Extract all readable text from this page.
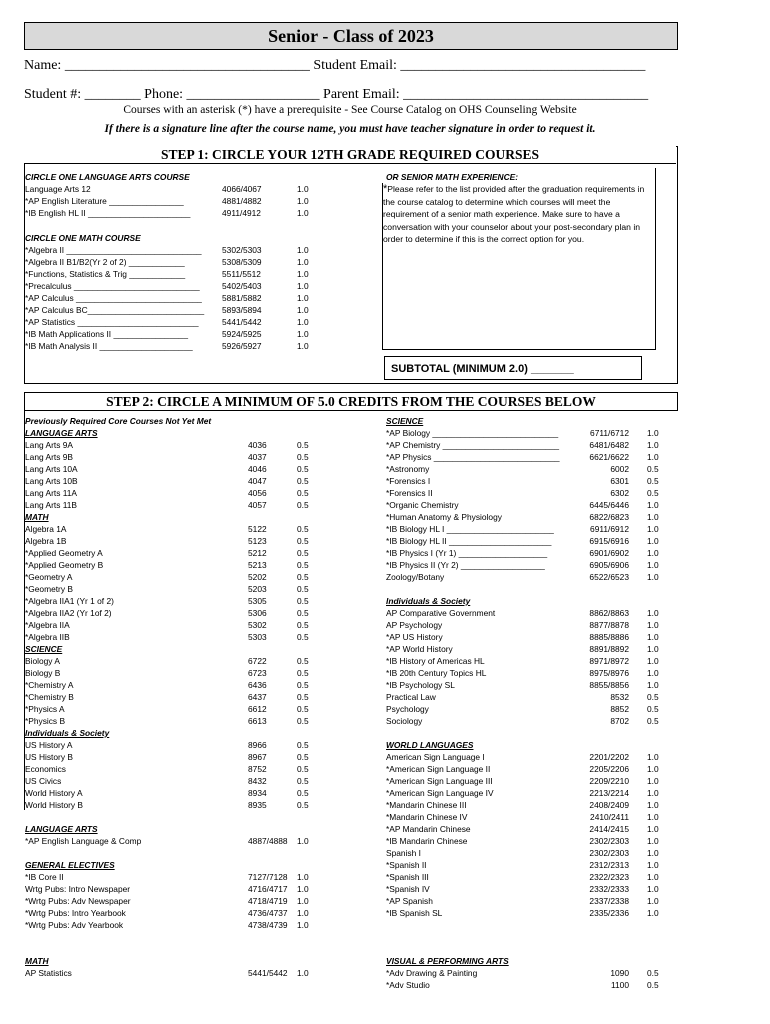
Senior - Class of 2023
Name: ___________________________________ Student Email: ___________________________________
Student #: ________ Phone: ___________________ Parent Email: ___________________________________
Courses with an asterisk (*) have a prerequisite - See Course Catalog on OHS Counseling Website
If there is a signature line after the course name, you must have teacher signature in order to request it.
STEP 1: CIRCLE YOUR 12TH GRADE REQUIRED COURSES
CIRCLE ONE LANGUAGE ARTS COURSE
Language Arts 12	4066/4067	1.0
*AP English Literature ________________	4881/4882	1.0
*IB English HL II ______________________	4911/4912	1.0
CIRCLE ONE MATH COURSE
*Algebra II _____________________________ 5302/5303	1.0
*Algebra II B1/B2(Yr 2 of 2) ____________	5308/5309	1.0
*Functions, Statistics & Trig ____________	5511/5512	1.0
*Precalculus ___________________________	5402/5403	1.0
*AP Calculus ___________________________ 5881/5882	1.0
*AP Calculus BC_________________________ 5893/5894	1.0
*AP Statistics __________________________	5441/5442	1.0
*IB Math Applications II ________________	5924/5925	1.0
*IB Math Analysis II ____________________	5926/5927	1.0
OR SENIOR MATH EXPERIENCE:
*Please refer to the list provided after the graduation requirements in the course catalog to determine which courses will meet the requirement of a senior math experience. Make sure to have a conversation with your counselor about your post-secondary plan in order to determine if this is the correct option for you.
SUBTOTAL (MINIMUM 2.0) _______
STEP 2: CIRCLE A MINIMUM OF 5.0 CREDITS FROM THE COURSES BELOW
Previously Required Core Courses Not Yet Met
LANGUAGE ARTS
Lang Arts 9A	4036	0.5
Lang Arts 9B	4037	0.5
Lang Arts 10A	4046	0.5
Lang Arts 10B	4047	0.5
Lang Arts 11A	4056	0.5
Lang Arts 11B	4057	0.5
MATH
Algebra 1A	5122	0.5
Algebra 1B	5123	0.5
*Applied Geometry A	5212	0.5
*Applied Geometry B	5213	0.5
*Geometry A	5202	0.5
*Geometry B	5203	0.5
*Algebra IIA1 (Yr 1 of 2)	5305	0.5
*Algebra IIA2 (Yr 1of 2)	5306	0.5
*Algebra IIA	5302	0.5
*Algebra IIB	5303	0.5
SCIENCE
Biology A	6722	0.5
Biology B	6723	0.5
*Chemistry A	6436	0.5
*Chemistry B	6437	0.5
*Physics A	6612	0.5
*Physics B	6613	0.5
Individuals & Society
US History A	8966	0.5
US History B	8967	0.5
Economics	8752	0.5
US Civics	8432	0.5
World History A	8934	0.5
World History B	8935	0.5
LANGUAGE ARTS
*AP English Language & Comp	4887/4888 1.0
GENERAL ELECTIVES
*IB Core II	7127/7128 1.0
Wrtg Pubs: Intro Newspaper	4716/4717 1.0
*Wrtg Pubs: Adv Newspaper	4718/4719 1.0
*Wrtg Pubs: Intro Yearbook	4736/4737 1.0
*Wrtg Pubs: Adv Yearbook	4738/4739 1.0
MATH
AP Statistics	5441/5442 1.0
SCIENCE
*AP Biology ___________________________	6711/6712 1.0
*AP Chemistry _________________________	6481/6482 1.0
*AP Physics ___________________________	6621/6622 1.0
*Astronomy	6002 0.5
*Forensics I	6301 0.5
*Forensics II	6302 0.5
*Organic Chemistry	6445/6446 1.0
*Human Anatomy & Physiology	6822/6823 1.0
*IB Biology HL I _______________________	6911/6912 1.0
*IB Biology HL II ______________________	6915/6916 1.0
*IB Physics I (Yr 1) ___________________	6901/6902 1.0
*IB Physics II (Yr 2) __________________	6905/6906 1.0
Zoology/Botany	6522/6523 1.0
Individuals & Society
AP Comparative Government	8862/8863 1.0
AP Psychology	8877/8878 1.0
*AP US History	8885/8886 1.0
*AP World History	8891/8892 1.0
*IB History of Americas HL	8971/8972 1.0
*IB 20th Century Topics HL	8975/8976 1.0
*IB Psychology SL	8855/8856 1.0
Practical Law	8532 0.5
Psychology	8852 0.5
Sociology	8702 0.5
WORLD LANGUAGES
American Sign Language I	2201/2202 1.0
*American Sign Language II	2205/2206 1.0
*American Sign Language III	2209/2210 1.0
*American Sign Language IV	2213/2214 1.0
*Mandarin Chinese III	2408/2409 1.0
*Mandarin Chinese IV	2410/2411 1.0
*AP Mandarin Chinese	2414/2415 1.0
*IB Mandarin Chinese	2302/2303 1.0
Spanish I	2302/2303 1.0
*Spanish II	2312/2313 1.0
*Spanish III	2322/2323 1.0
*Spanish IV	2332/2333 1.0
*AP Spanish	2337/2338 1.0
*IB Spanish SL	2335/2336 1.0
VISUAL & PERFORMING ARTS
*Adv Drawing & Painting	1090 0.5
*Adv Studio	1100 0.5
